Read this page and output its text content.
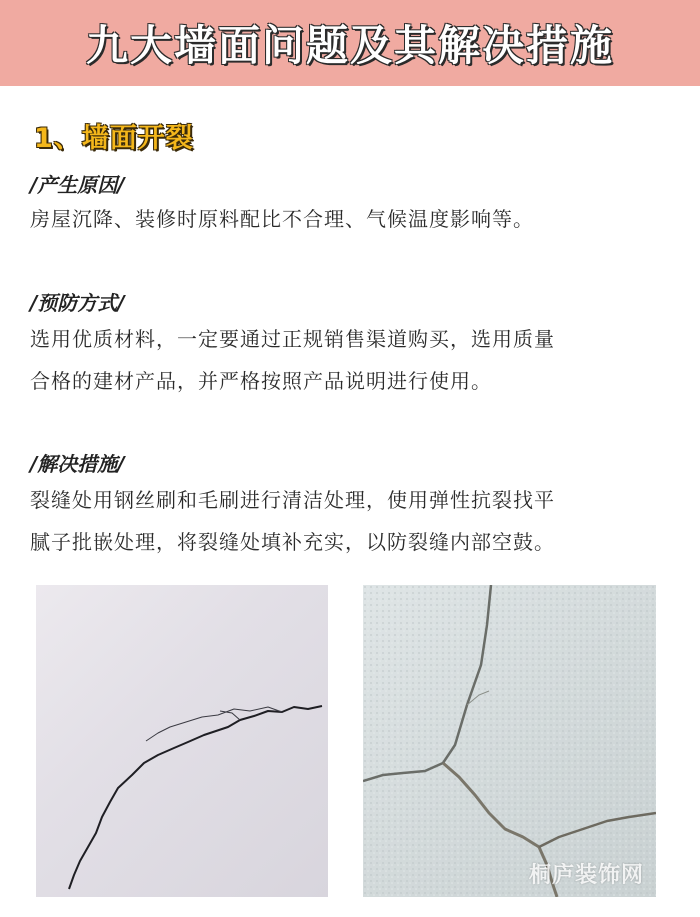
九大墙面问题及其解决措施
1、墙面开裂
/产生原因/
房屋沉降、装修时原料配比不合理、气候温度影响等。
/预防方式/
选用优质材料，一定要通过正规销售渠道购买，选用质量
合格的建材产品，并严格按照产品说明进行使用。
/解决措施/
裂缝处用钢丝刷和毛刷进行清洁处理，使用弹性抗裂找平
腻子批嵌处理，将裂缝处填补充实，以防裂缝内部空鼓。
桐庐装饰网
